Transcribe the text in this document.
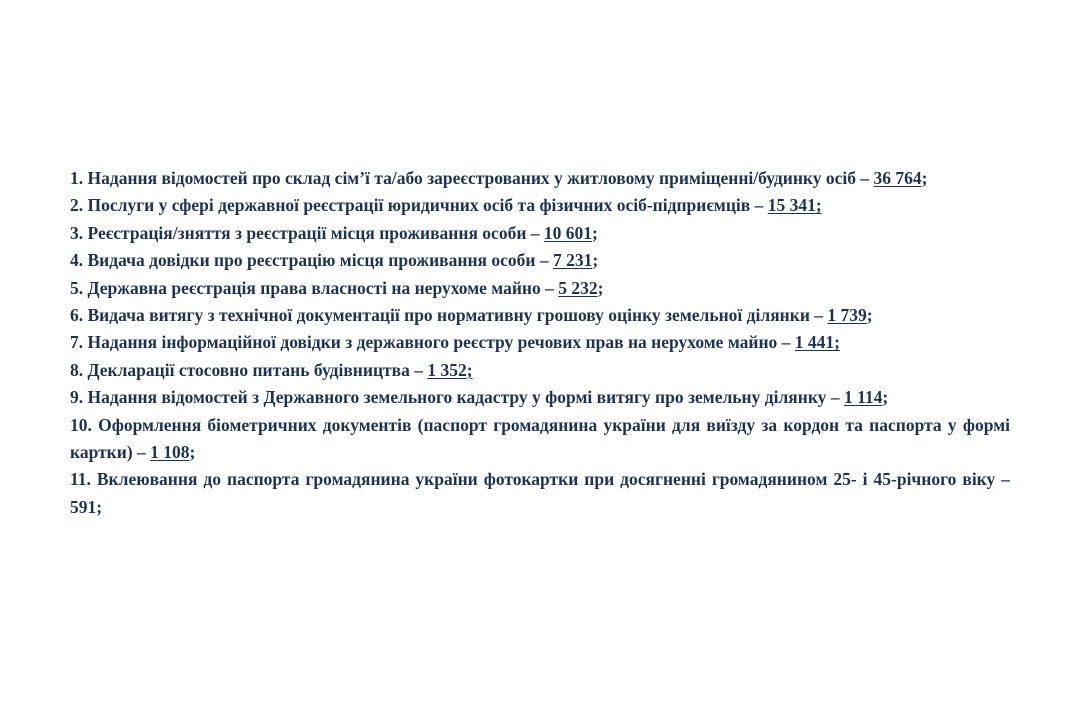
1. Надання відомостей про склад сім’ї та/або зареєстрованих у житловому приміщенні/будинку осіб – 36 764;

2. Послуги у сфері державної реєстрації юридичних осіб та фізичних осіб-підприємців – 15 341;

3. Реєстрація/зняття з реєстрації місця проживання особи – 10 601;

4. Видача довідки про реєстрацію місця проживання особи – 7 231;

5. Державна реєстрація права власності на нерухоме майно – 5 232;

6. Видача витягу з технічної документації про нормативну грошову оцінку земельної ділянки – 1 739;

7. Надання інформаційної довідки з державного реєстру речових прав на нерухоме майно – 1 441;

8. Декларації стосовно питань будівництва – 1 352;

9. Надання відомостей з Державного земельного кадастру у формі витягу про земельну ділянку – 1 114;

10. Оформлення біометричних документів (паспорт громадянина україни для виїзду за кордон та паспорта у формі картки) – 1 108;

11. Вклеювання до паспорта громадянина україни фотокартки при досягненні громадянином 25- і 45-річного віку – 591;
